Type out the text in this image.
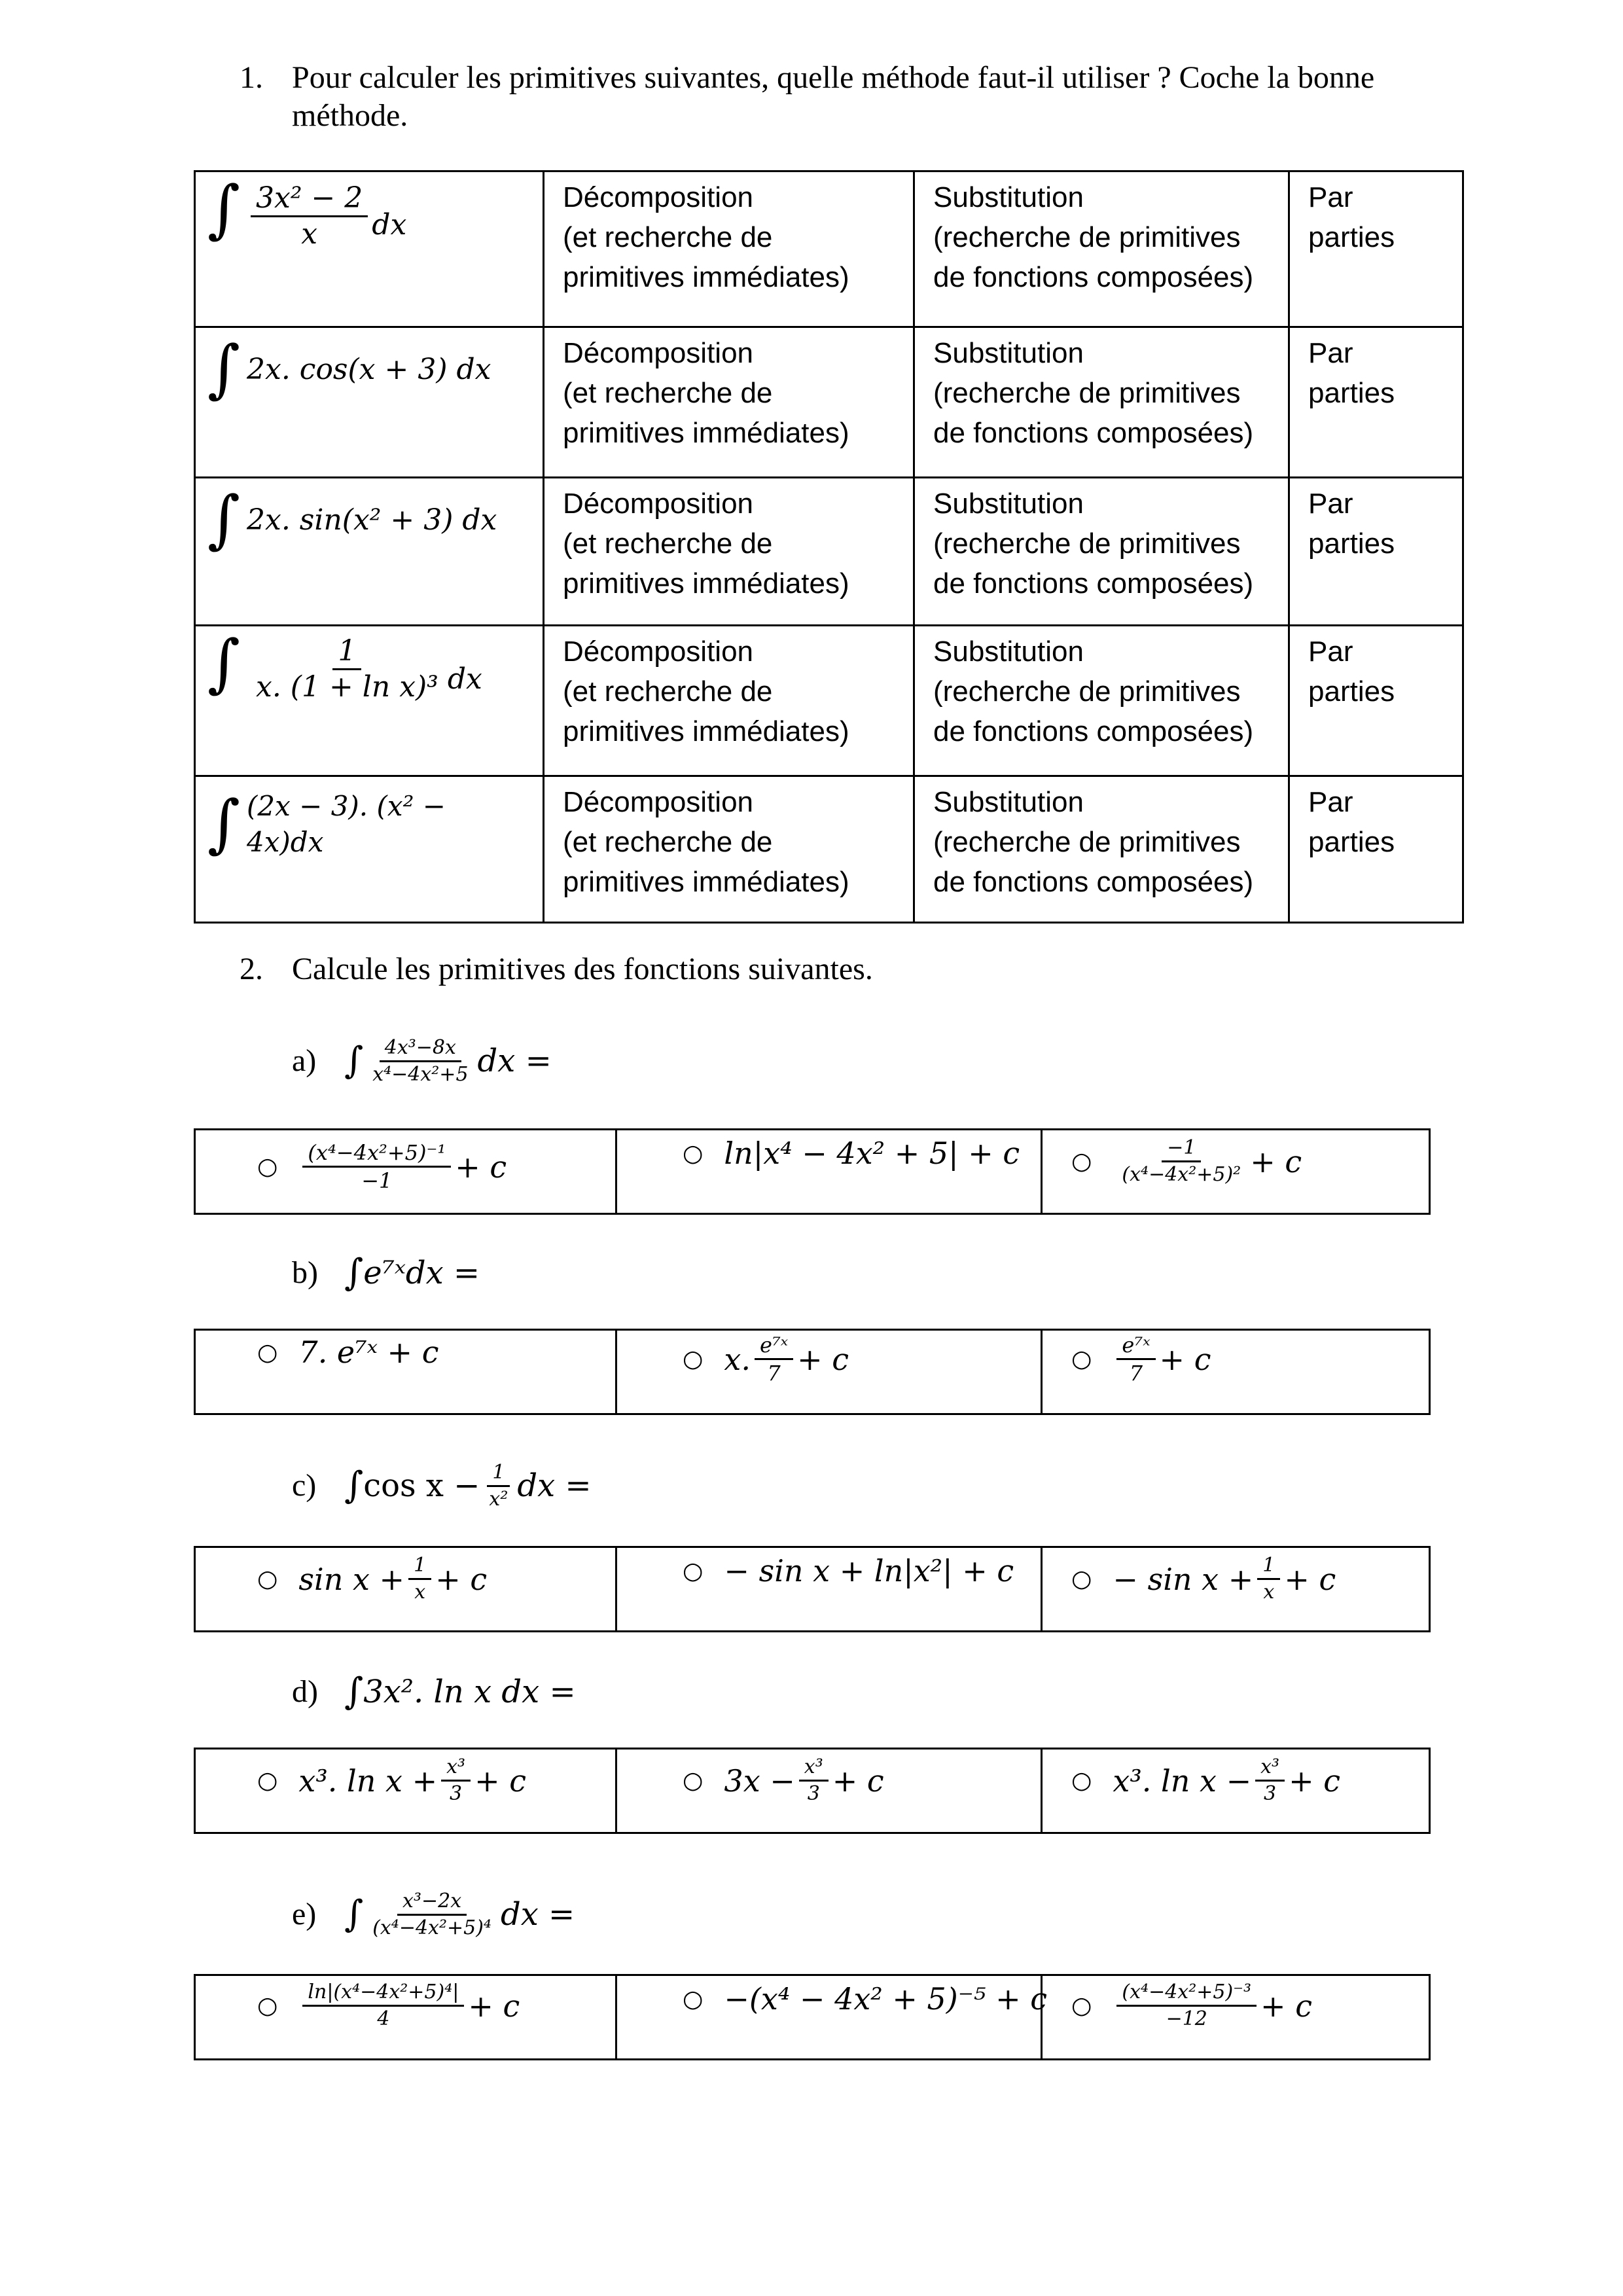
1. Pour calculer les primitives suivantes, quelle méthode faut-il utiliser ? Coche la bonne
méthode.
∫ $\frac{\text{3x² − 2}}{x}$ dx	Décomposition
(et recherche de
primitives immédiates)	Substitution
(recherche de primitives
de fonctions composées)	Par parties

∫ 2x. cos(x + 3) dx	Décomposition
(et recherche de
primitives immédiates)	Substitution
(recherche de primitives
de fonctions composées)	Par parties

∫ 2x. sin(x² + 3) dx	Décomposition
(et recherche de
primitives immédiates)	Substitution
(recherche de primitives
de fonctions composées)	Par parties

∫ $\frac{1}{\text{x. (1 + ln x)³}}$ dx	Décomposition
(et recherche de
primitives immédiates)	Substitution
(recherche de primitives
de fonctions composées)	Par parties

∫ (2x − 3). (x² − 4x)dx	Décomposition
(et recherche de
primitives immédiates)	Substitution
(recherche de primitives
de fonctions composées)	Par parties
2. Calcule les primitives des fonctions suivantes.
a) ∫ $\frac{\text{4x³−8x}}{\text{x⁴−4x²+5}}$ dx =
○ $\frac{\text{(x⁴−4x²+5)⁻¹}}{-1} + c$	○ ln|x⁴ − 4x² + 5| + c ○ $\frac{-1}{\text{(x⁴−4x²+5)²}} + c$
b) ∫ e⁷ˣdx =
○ 7. e⁷ˣ + c	○ x. $\frac{\text{e⁷ˣ}}{7} + c$	○ $\frac{\text{e⁷ˣ}}{7} + c$
c) ∫ $\cos x - \frac{1}{\text{x²}}$ dx =
○ $\sin x + \frac{1}{x} + c$	○ − sin x + ln|x²| + c ○ − $\sin x + \frac{1}{x} + c$
d) ∫ 3x². ln x dx =
○ x³. $\ln x + \frac{\text{x³}}{3} + c$	○ $3x - \frac{\text{x³}}{3} + c$	○ x³. $\ln x - \frac{\text{x³}}{3} + c$
e) ∫ $\frac{\text{x³−2x}}{\text{(x⁴−4x²+5)⁴}}$ dx =
○ $\frac{\text{ln|(x⁴−4x²+5)⁴|}}{4} + c$	○ −(x⁴ − 4x² + 5)⁻⁵ + c ○ $\frac{\text{(x⁴−4x²+5)⁻³}}{-12} + c$
